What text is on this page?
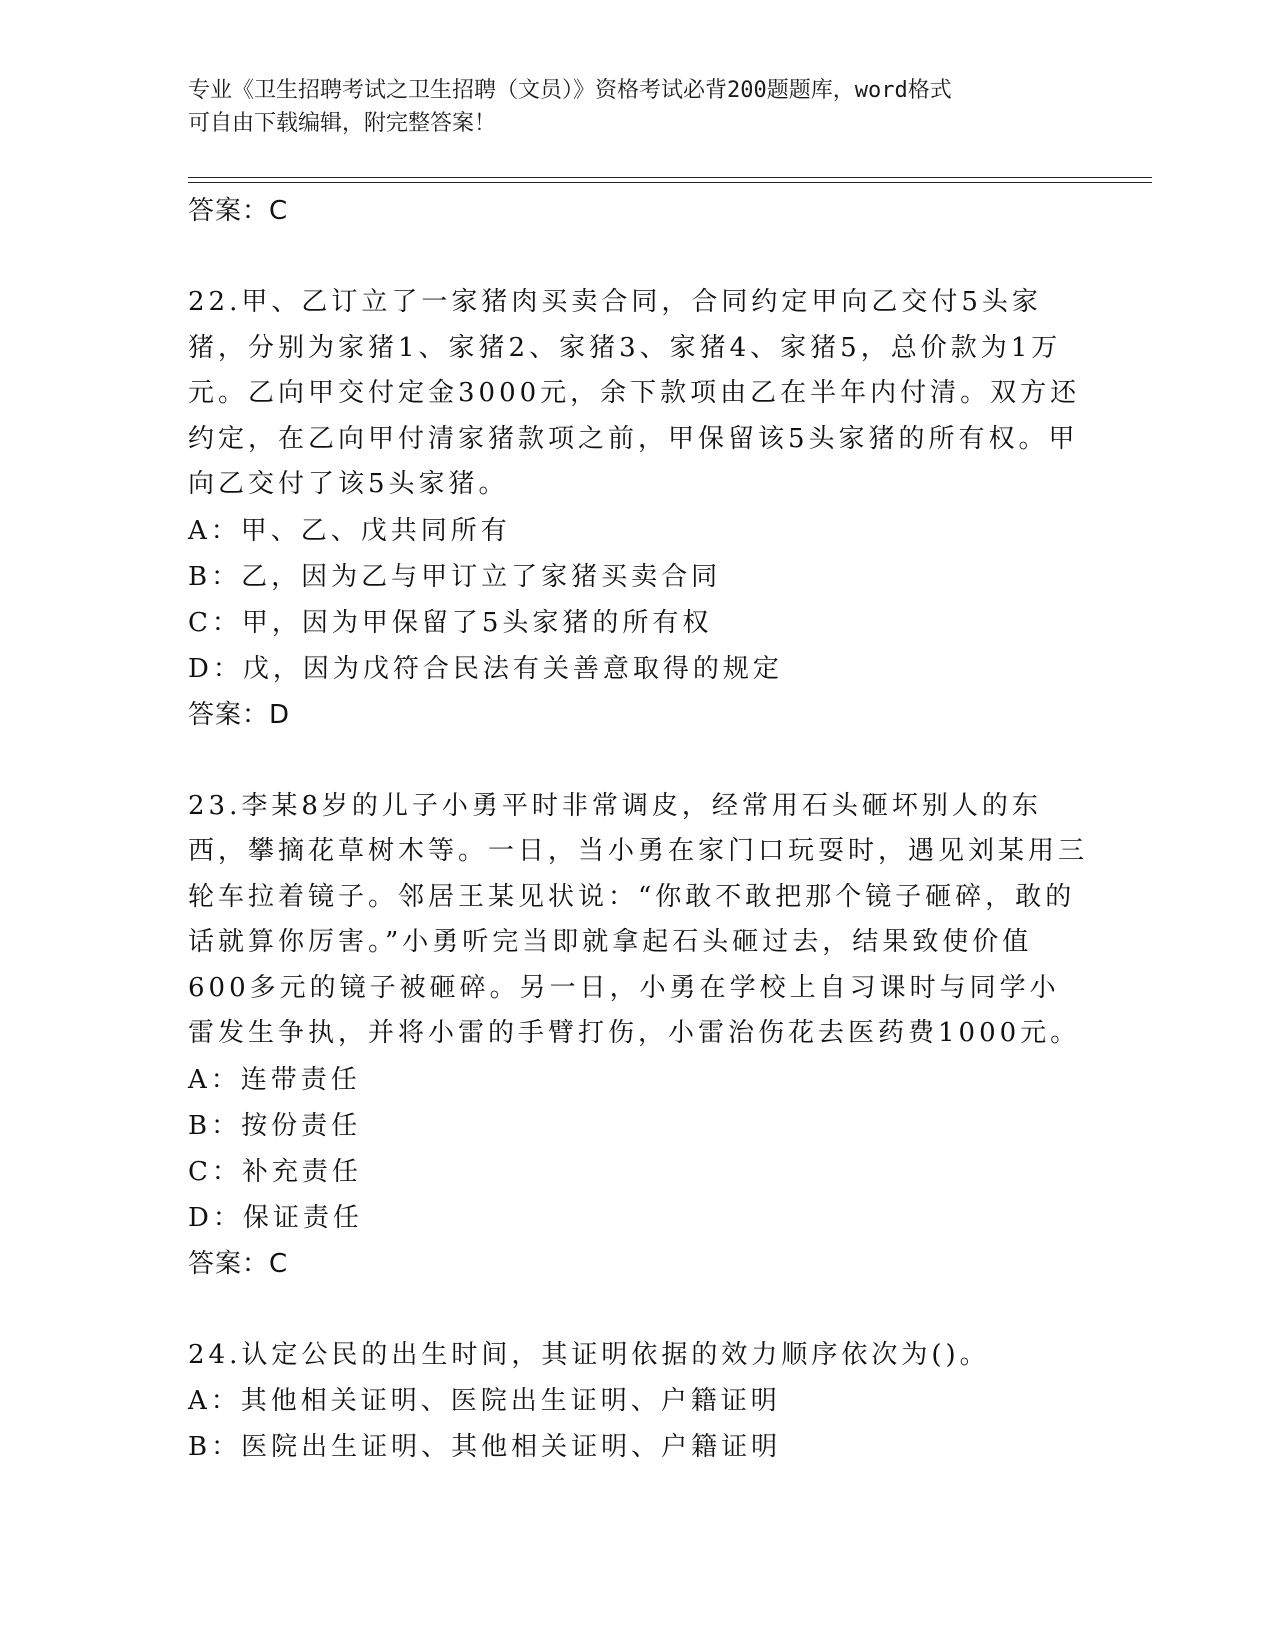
专业《卫生招聘考试之卫生招聘（文员）》资格考试必背200题题库，word格式
可自由下载编辑，附完整答案！
答案：C
22.甲、乙订立了一家猪肉买卖合同，合同约定甲向乙交付5头家猪，分别为家猪1、家猪2、家猪3、家猪4、家猪5，总价款为1万元。乙向甲交付定金3000元，余下款项由乙在半年内付清。双方还约定，在乙向甲付清家猪款项之前，甲保留该5头家猪的所有权。甲向乙交付了该5头家猪。
A：甲、乙、戊共同所有
B：乙，因为乙与甲订立了家猪买卖合同
C：甲，因为甲保留了5头家猪的所有权
D：戊，因为戊符合民法有关善意取得的规定
答案：D
23.李某8岁的儿子小勇平时非常调皮，经常用石头砸坏别人的东西，攀摘花草树木等。一日，当小勇在家门口玩耍时，遇见刘某用三轮车拉着镜子。邻居王某见状说：“你敢不敢把那个镜子砸碎，敢的话就算你厉害。”小勇听完当即就拿起石头砸过去，结果致使价值600多元的镜子被砸碎。另一日，小勇在学校上自习课时与同学小雷发生争执，并将小雷的手臂打伤，小雷治伤花去医药费1000元。
A：连带责任
B：按份责任
C：补充责任
D：保证责任
答案：C
24.认定公民的出生时间，其证明依据的效力顺序依次为()。
A：其他相关证明、医院出生证明、户籍证明
B：医院出生证明、其他相关证明、户籍证明
